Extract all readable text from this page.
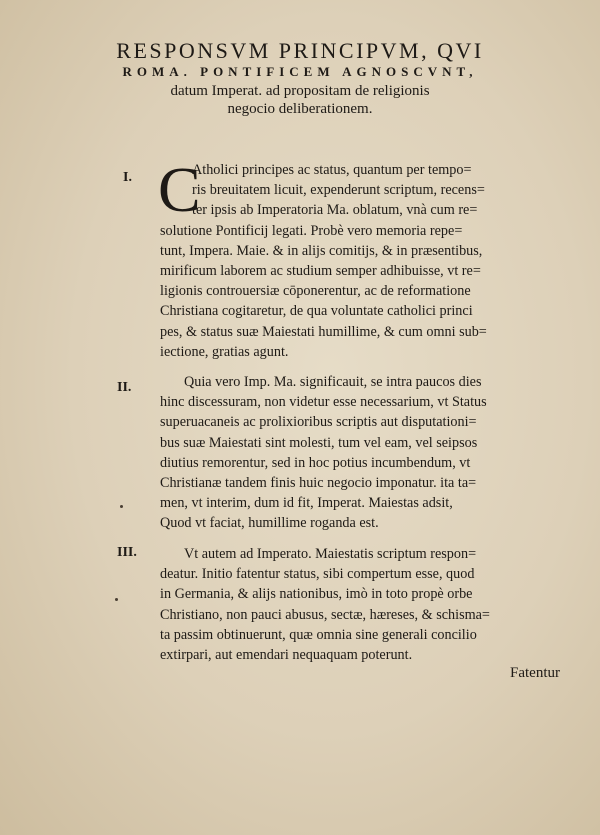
RESPONSVM PRINCIPVM, QVI
ROMA. PONTIFICEM AGNOSCVNT,
datum Imperat. ad propositam de religionis
negocio deliberationem.
I. C
Atholici principes ac status, quantum per tempo=
ris breuitatem licuit, expenderunt scriptum, recens=
ter ipsis ab Imperatoria Ma. oblatum, vnà cum re=
solutione Pontificij legati. Probè vero memoria repe=
tunt, Impera. Maie. & in alijs comitijs, & in præsentibus,
mirificum laborem ac studium semper adhibuisse, vt re=
ligionis controuersiæ cōponerentur, ac de reformatione
Christiana cogitaretur, de qua voluntate catholici princi
pes, & status suæ Maiestati humillime, & cum omni sub=
iectione, gratias agunt.
II.	Quia vero Imp. Ma. significauit, se intra paucos dies
hinc discessuram, non videtur esse necessarium, vt Status
superuacaneis ac prolixioribus scriptis aut disputationi=
bus suæ Maiestati sint molesti, tum vel eam, vel seipsos
diutius remorentur, sed in hoc potius incumbendum, vt
Christianæ tandem finis huic negocio imponatur. ita ta=
men, vt interim, dum id fit, Imperat. Maiestas adsit,
Quod vt faciat, humillime roganda est.
III.	Vt autem ad Imperato. Maiestatis scriptum respon=
deatur. Initio fatentur status, sibi compertum esse, quod
in Germania, & alijs nationibus, imò in toto propè orbe
Christiano, non pauci abusus, sectæ, hæreses, & schisma=
ta passim obtinuerunt, quæ omnia sine generali concilio
extirpari, aut emendari nequaquam poterunt.
Fatentur
